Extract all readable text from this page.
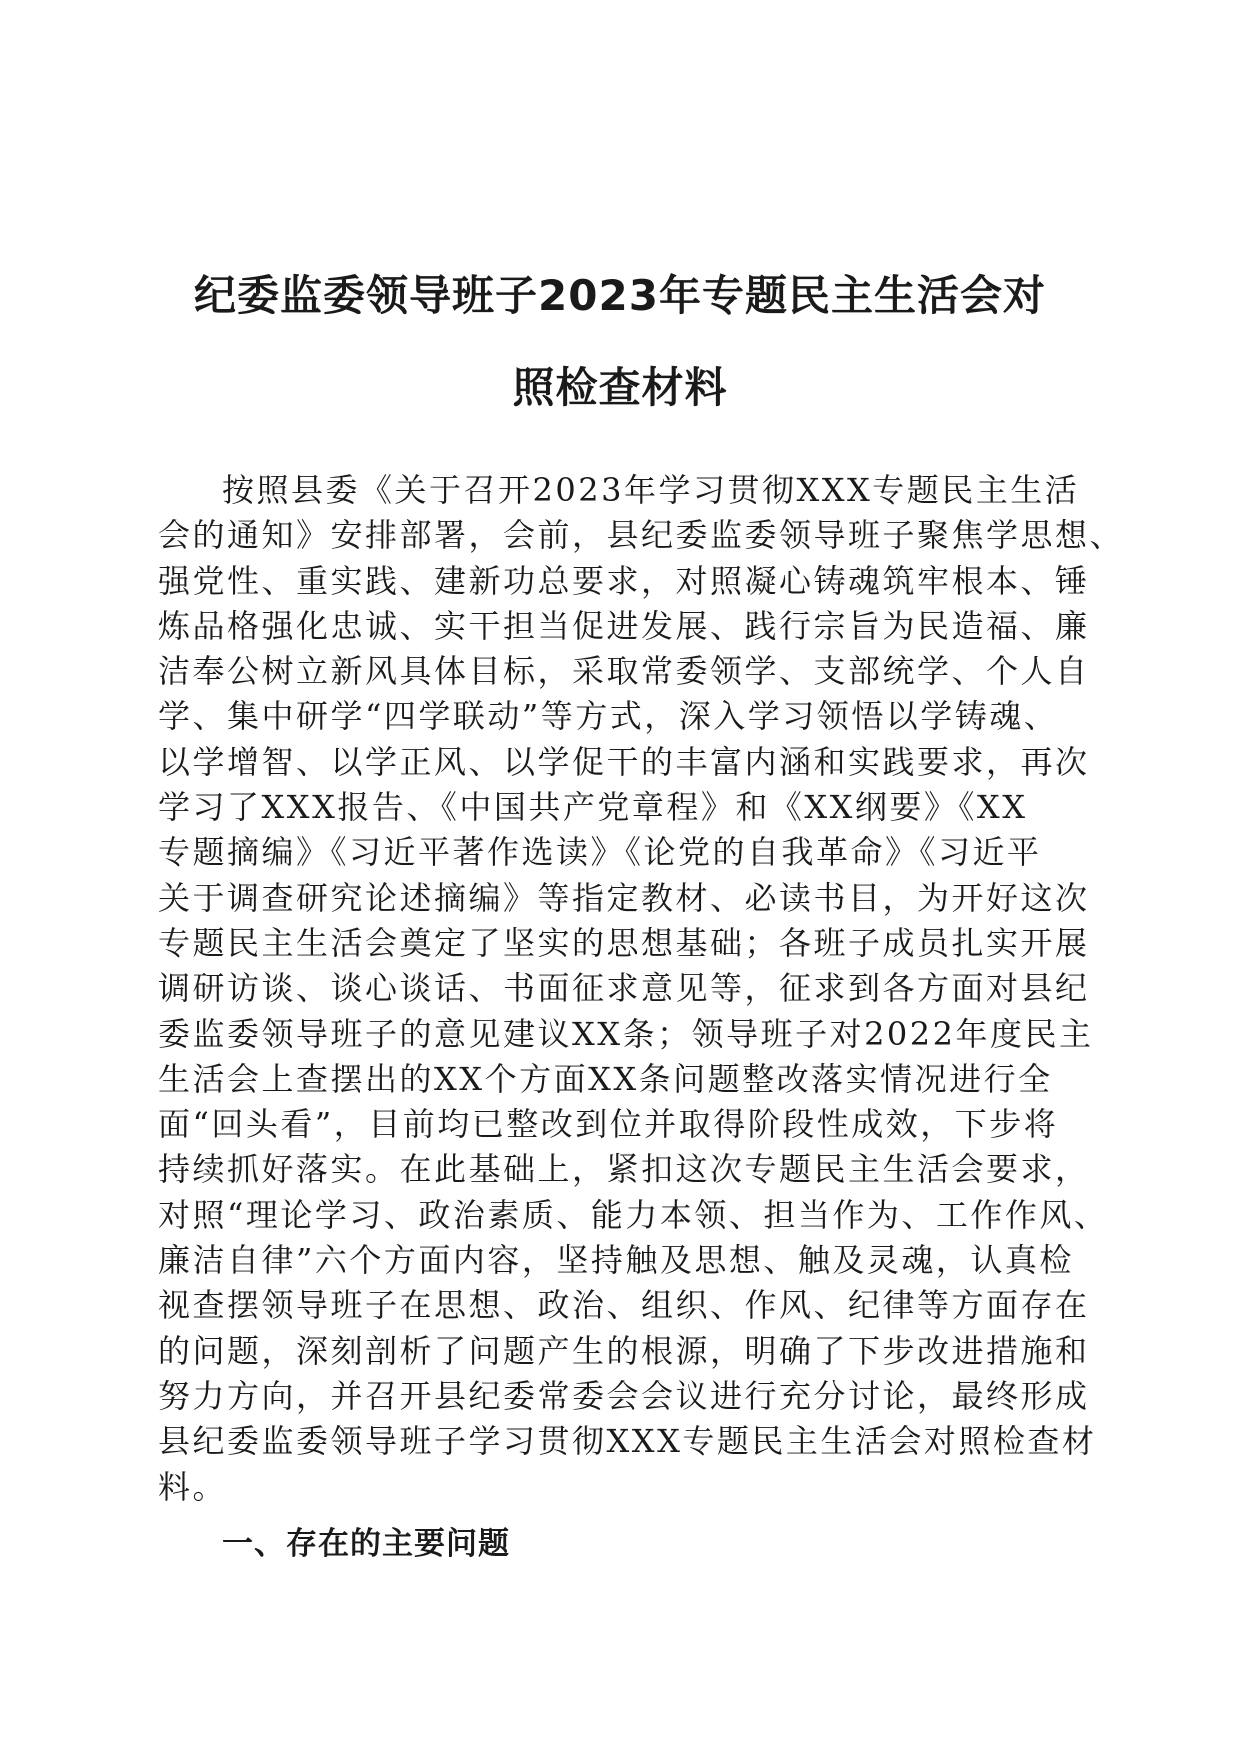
纪委监委领导班子2023年专题民主生活会对
照检查材料
按照县委《关于召开2023年学习贯彻XXX专题民主生活
会的通知》安排部署，会前，县纪委监委领导班子聚焦学思想、
强党性、重实践、建新功总要求，对照凝心铸魂筑牢根本、锤
炼品格强化忠诚、实干担当促进发展、践行宗旨为民造福、廉
洁奉公树立新风具体目标，采取常委领学、支部统学、个人自
学、集中研学“四学联动”等方式，深入学习领悟以学铸魂、
以学增智、以学正风、以学促干的丰富内涵和实践要求，再次
学习了XXX报告、《中国共产党章程》和《XX纲要》《XX
专题摘编》《习近平著作选读》《论党的自我革命》《习近平
关于调查研究论述摘编》等指定教材、必读书目，为开好这次
专题民主生活会奠定了坚实的思想基础；各班子成员扎实开展
调研访谈、谈心谈话、书面征求意见等，征求到各方面对县纪
委监委领导班子的意见建议XX条；领导班子对2022年度民主
生活会上查摆出的XX个方面XX条问题整改落实情况进行全
面“回头看”，目前均已整改到位并取得阶段性成效，下步将
持续抓好落实。在此基础上，紧扣这次专题民主生活会要求，
对照“理论学习、政治素质、能力本领、担当作为、工作作风、
廉洁自律”六个方面内容，坚持触及思想、触及灵魂，认真检
视查摆领导班子在思想、政治、组织、作风、纪律等方面存在
的问题，深刻剖析了问题产生的根源，明确了下步改进措施和
努力方向，并召开县纪委常委会会议进行充分讨论，最终形成
县纪委监委领导班子学习贯彻XXX专题民主生活会对照检查材
料。
一、存在的主要问题
